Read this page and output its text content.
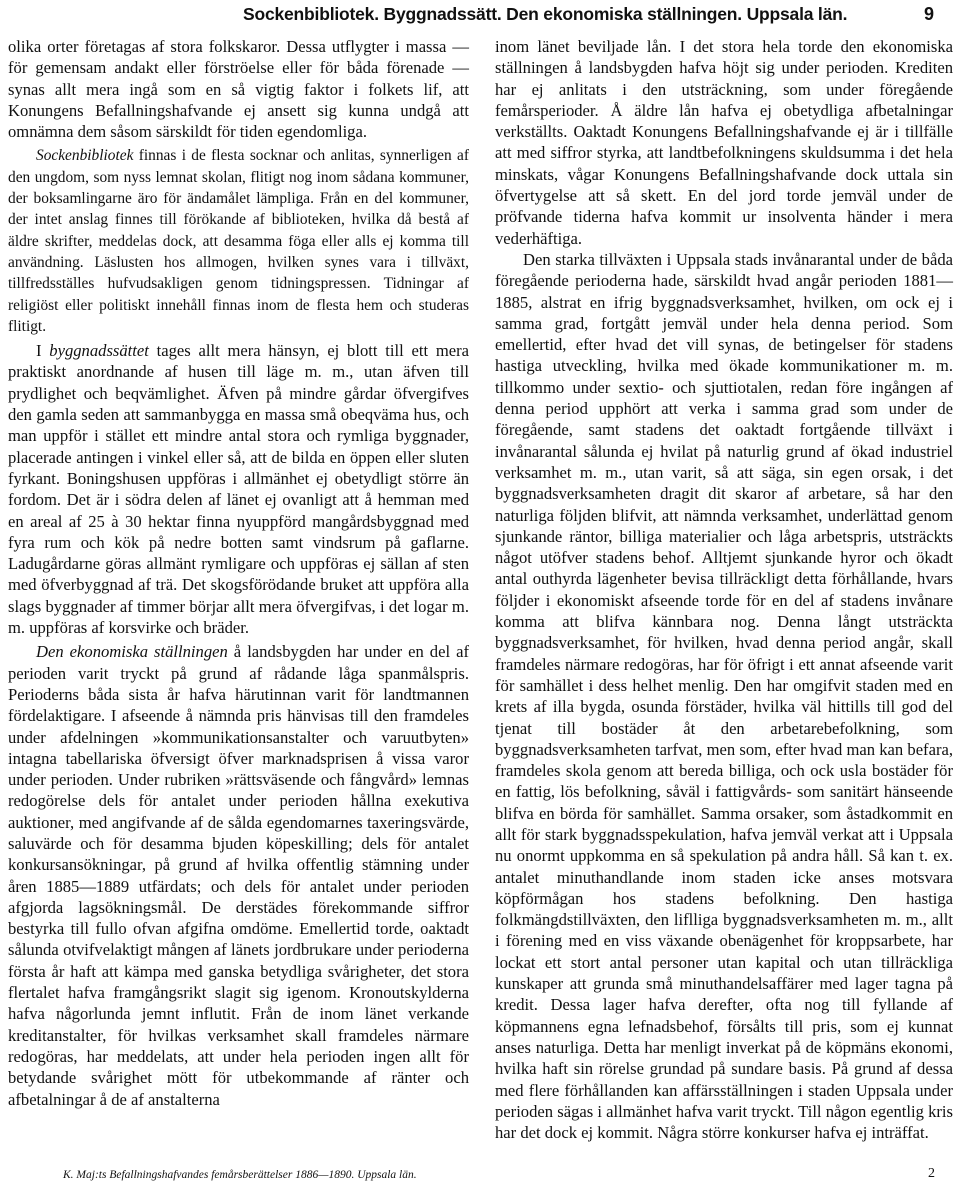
Sockenbibliotek. Byggnadssätt. Den ekonomiska ställningen. Uppsala län.	9

olika orter företagas af stora folkskaror. Dessa utflygter i massa — för gemensam andakt eller förströelse eller för båda förenade — synas allt mera ingå som en så vigtig faktor i folkets lif, att Konungens Befallningshafvande ej ansett sig kunna undgå att omnämna dem såsom särskildt för tiden egendomliga.

Sockenbibliotek finnas i de flesta socknar och anlitas, synnerligen af den ungdom, som nyss lemnat skolan, flitigt nog inom sådana kommuner, der boksamlingarne äro för ändamålet lämpliga. Från en del kommuner, der intet anslag finnes till förökande af biblioteken, hvilka då bestå af äldre skrifter, meddelas dock, att desamma föga eller alls ej komma till användning. Läslusten hos allmogen, hvilken synes vara i tillväxt, tillfredsställes hufvudsakligen genom tidningspressen. Tidningar af religiöst eller politiskt innehåll finnas inom de flesta hem och studeras flitigt.

I byggnadssättet tages allt mera hänsyn, ej blott till ett mera praktiskt anordnande af husen till läge m. m., utan äfven till prydlighet och beqvämlighet. Äfven på mindre gårdar öfvergifves den gamla seden att sammanbygga en massa små obeqväma hus, och man uppför i stället ett mindre antal stora och rymliga byggnader, placerade antingen i vinkel eller så, att de bilda en öppen eller sluten fyrkant. Boningshusen uppföras i allmänhet ej obetydligt större än fordom. Det är i södra delen af länet ej ovanligt att å hemman med en areal af 25 à 30 hektar finna nyuppförd mangårdsbyggnad med fyra rum och kök på nedre botten samt vindsrum på gaflarne. Ladugårdarne göras allmänt rymligare och uppföras ej sällan af sten med öfverbyggnad af trä. Det skogsförödande bruket att uppföra alla slags byggnader af timmer börjar allt mera öfvergifvas, i det logar m. m. uppföras af korsvirke och bräder.

Den ekonomiska ställningen å landsbygden har under en del af perioden varit tryckt på grund af rådande låga spanmålspris. Perioderns båda sista år hafva härutinnan varit för landtmannen fördelaktigare. I afseende å nämnda pris hänvisas till den framdeles under afdelningen »kommunikationsanstalter och varuutbyten» intagna tabellariska öfversigt öfver marknadsprisen å vissa varor under perioden. Under rubriken »rättsväsende och fångvård» lemnas redogörelse dels för antalet under perioden hållna exekutiva auktioner, med angifvande af de sålda egendomarnes taxeringsvärde, saluvärde och för desamma bjuden köpeskilling; dels för antalet konkursansökningar, på grund af hvilka offentlig stämning under åren 1885—1889 utfärdats; och dels för antalet under perioden afgjorda lagsökningsmål. De derstädes förekommande siffror bestyrka till fullo ofvan afgifna omdöme. Emellertid torde, oaktadt sålunda otvifvelaktigt mången af länets jordbrukare under perioderna första år haft att kämpa med ganska betydliga svårigheter, det stora flertalet hafva framgångsrikt slagit sig igenom. Kronoutskylderna hafva någorlunda jemnt influtit. Från de inom länet verkande kreditanstalter, för hvilkas verksamhet skall framdeles närmare redogöras, har meddelats, att under hela perioden ingen allt för betydande svårighet mött för utbekommande af ränter och afbetalningar å de af anstalterna

inom länet beviljade lån. I det stora hela torde den ekonomiska ställningen å landsbygden hafva höjt sig under perioden. Krediten har ej anlitats i den utsträckning, som under föregående femårsperioder. Å äldre lån hafva ej obetydliga afbetalningar verkställts. Oaktadt Konungens Befallningshafvande ej är i tillfälle att med siffror styrka, att landtbefolkningens skuldsumma i det hela minskats, vågar Konungens Befallningshafvande dock uttala sin öfvertygelse att så skett. En del jord torde jemväl under de pröfvande tiderna hafva kommit ur insolventa händer i mera vederhäftiga.

Den starka tillväxten i Uppsala stads invånarantal under de båda föregående perioderna hade, särskildt hvad angår perioden 1881—1885, alstrat en ifrig byggnadsverksamhet, hvilken, om ock ej i samma grad, fortgått jemväl under hela denna period. Som emellertid, efter hvad det vill synas, de betingelser för stadens hastiga utveckling, hvilka med ökade kommunikationer m. m. tillkommo under sextio- och sjuttiotalen, redan före ingången af denna period upphört att verka i samma grad som under de föregående, samt stadens det oaktadt fortgående tillväxt i invånarantal sålunda ej hvilat på naturlig grund af ökad industriel verksamhet m. m., utan varit, så att säga, sin egen orsak, i det byggnadsverksamheten dragit dit skaror af arbetare, så har den naturliga följden blifvit, att nämnda verksamhet, underlättad genom sjunkande räntor, billiga materialier och låga arbetspris, utsträckts något utöfver stadens behof. Alltjemt sjunkande hyror och ökadt antal outhyrda lägenheter bevisa tillräckligt detta förhållande, hvars följder i ekonomiskt afseende torde för en del af stadens invånare komma att blifva kännbara nog. Denna långt utsträckta byggnadsverksamhet, för hvilken, hvad denna period angår, skall framdeles närmare redogöras, har för öfrigt i ett annat afseende varit för samhället i dess helhet menlig. Den har omgifvit staden med en krets af illa bygda, osunda förstäder, hvilka väl hittills till god del tjenat till bostäder åt den arbetarebefolkning, som byggnadsverksamheten tarfvat, men som, efter hvad man kan befara, framdeles skola genom att bereda billiga, och ock usla bostäder för en fattig, lös befolkning, såväl i fattigvårds- som sanitärt hänseende blifva en börda för samhället. Samma orsaker, som åstadkommit en allt för stark byggnadsspekulation, hafva jemväl verkat att i Uppsala nu onormt uppkomma en så spekulation på andra håll. Så kan t. ex. antalet minuthandlande inom staden icke anses motsvara köpförmågan hos stadens befolkning. Den hastiga folkmängdstillväxten, den liflliga byggnadsverksamheten m. m., allt i förening med en viss växande obenägenhet för kroppsarbete, har lockat ett stort antal personer utan kapital och utan tillräckliga kunskaper att grunda små minuthandelsaffärer med lager tagna på kredit. Dessa lager hafva derefter, ofta nog till fyllande af köpmannens egna lefnadsbehof, försålts till pris, som ej kunnat anses naturliga. Detta har menligt inverkat på de köpmäns ekonomi, hvilka haft sin rörelse grundad på sundare basis. På grund af dessa med flere förhållanden kan affärsställningen i staden Uppsala under perioden sägas i allmänhet hafva varit tryckt. Till någon egentlig kris har det dock ej kommit. Några större konkurser hafva ej inträffat.

K. Maj:ts Befallningshafvandes femårsberättelser 1886—1890. Uppsala län.	2
